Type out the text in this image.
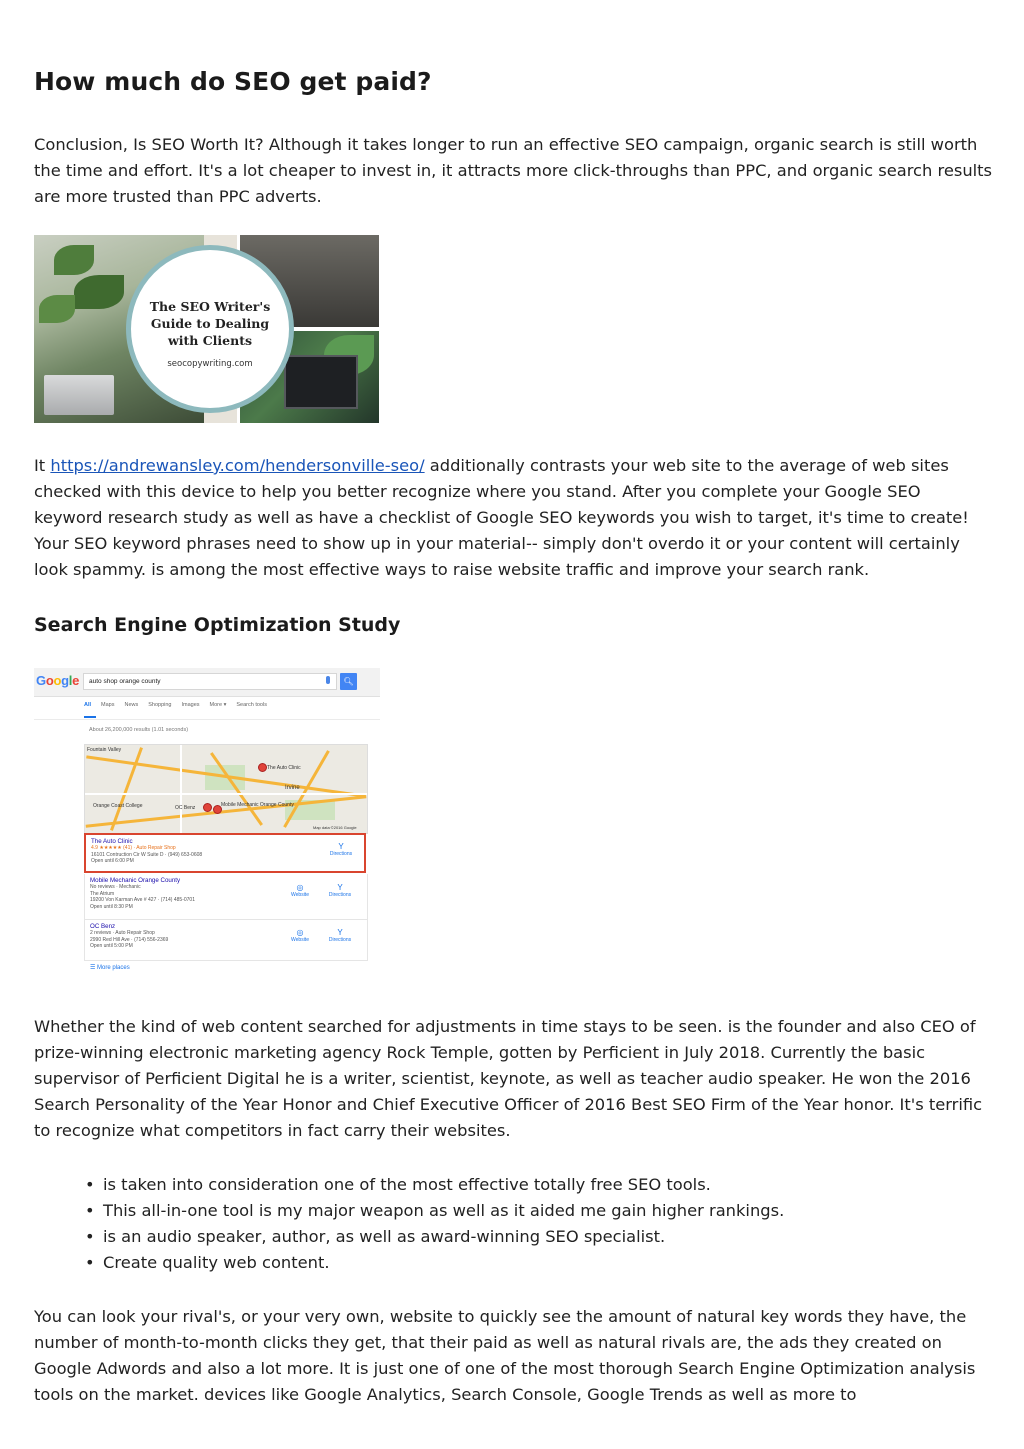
How much do SEO get paid?

Conclusion, Is SEO Worth It? Although it takes longer to run an effective SEO campaign, organic search is still worth the time and effort. It's a lot cheaper to invest in, it attracts more click-throughs than PPC, and organic search results are more trusted than PPC adverts.

The SEO Writer's Guide to Dealing with Clients
seocopywriting.com

It https://andrewansley.com/hendersonville-seo/ additionally contrasts your web site to the average of web sites checked with this device to help you better recognize where you stand. After you complete your Google SEO keyword research study as well as have a checklist of Google SEO keywords you wish to target, it's time to create! Your SEO keyword phrases need to show up in your material-- simply don't overdo it or your content will certainly look spammy. is among the most effective ways to raise website traffic and improve your search rank.

Search Engine Optimization Study
Google	auto shop orange county	🔍︎
All Maps News Shopping Images More ▾ Search tools
About 26,200,000 results (1.01 seconds)
Fountain Valley
The Auto Clinic
Irvine
Orange Coast College	OC Benz	Mobile Mechanic Orange County
Map data ©2016 Google
The Auto Clinic
4.9 ★★★★★ (41) · Auto Repair Shop
16101 Contruction Cir W Suite D · (949) 653-0608
Open until 6:00 PM
Y
Directions
Mobile Mechanic Orange County
No reviews · Mechanic
The Atrium
19200 Von Karman Ave # 427 · (714) 485-0701
Open until 8:30 PM
◎
Website
Y
Directions
OC Benz
2 reviews · Auto Repair Shop
2990 Red Hill Ave · (714) 556-2369
Open until 5:00 PM
◎
Website
Y
Directions
☰ More places

Whether the kind of web content searched for adjustments in time stays to be seen. is the founder and also CEO of prize-winning electronic marketing agency Rock Temple, gotten by Perficient in July 2018. Currently the basic supervisor of Perficient Digital he is a writer, scientist, keynote, as well as teacher audio speaker. He won the 2016 Search Personality of the Year Honor and Chief Executive Officer of 2016 Best SEO Firm of the Year honor. It's terrific to recognize what competitors in fact carry their websites.

• is taken into consideration one of the most effective totally free SEO tools.
• This all-in-one tool is my major weapon as well as it aided me gain higher rankings.
• is an audio speaker, author, as well as award-winning SEO specialist.
• Create quality web content.

You can look your rival's, or your very own, website to quickly see the amount of natural key words they have, the number of month-to-month clicks they get, that their paid as well as natural rivals are, the ads they created on Google Adwords and also a lot more. It is just one of one of the most thorough Search Engine Optimization analysis tools on the market. devices like Google Analytics, Search Console, Google Trends as well as more to
